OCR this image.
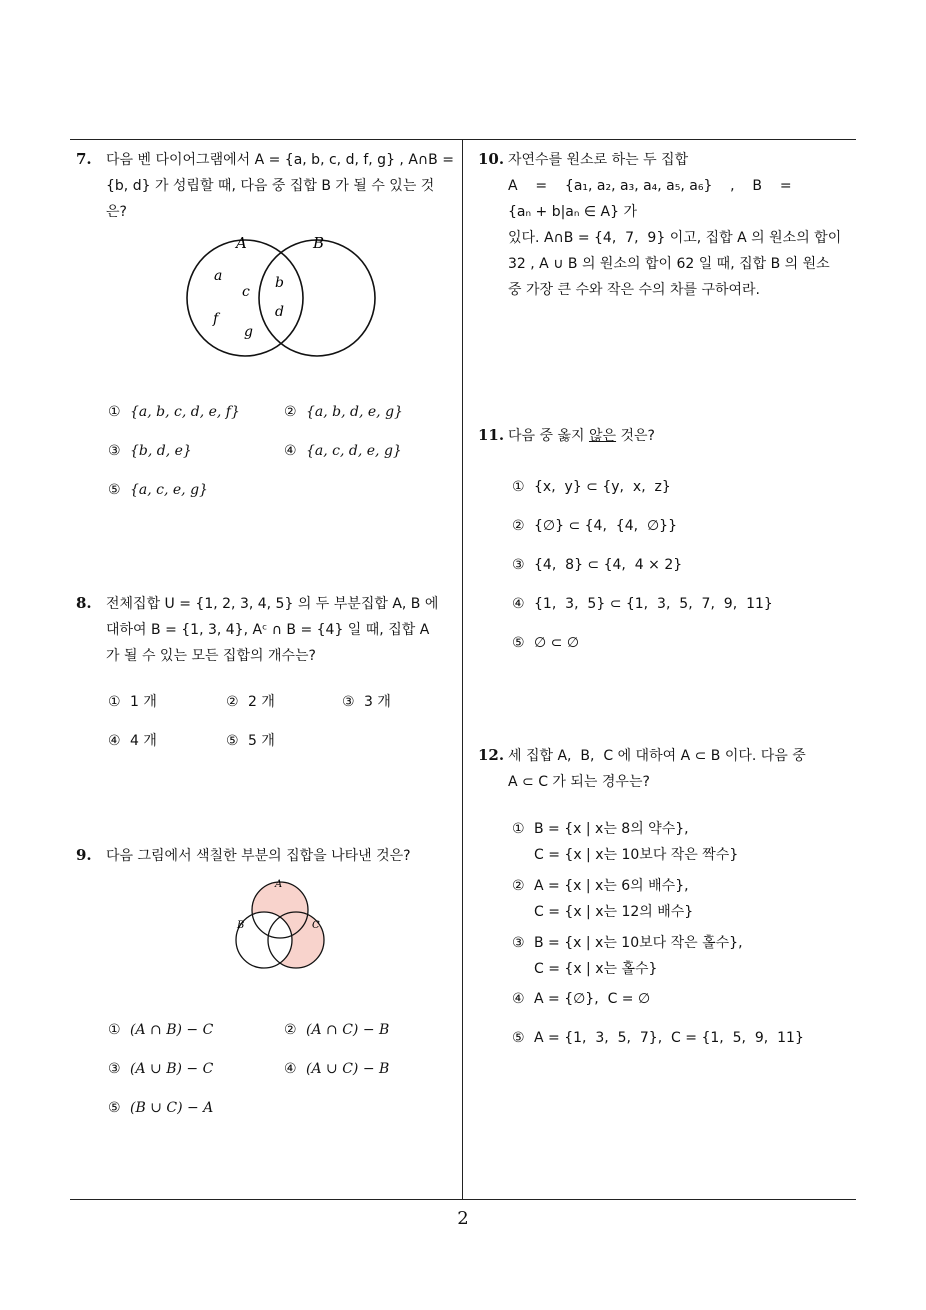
7. 다음 벤 다이어그램에서 A = {a, b, c, d, f, g} , A∩B =
{b, d} 가 성립할 때, 다음 중 집합 B 가 될 수 있는 것
은?
A	B
a
c
f
g
b
d
① {a, b, c, d, e, f}	② {a, b, d, e, g}
③ {b, d, e}	④ {a, c, d, e, g}
⑤ {a, c, e, g}
8. 전체집합 U = {1, 2, 3, 4, 5} 의 두 부분집합 A, B 에
대하여 B = {1, 3, 4}, Aᶜ ∩ B = {4} 일 때, 집합 A
가 될 수 있는 모든 집합의 개수는?
① 1 개	② 2 개	③ 3 개
④ 4 개	⑤ 5 개
9. 다음 그림에서 색칠한 부분의 집합을 나타낸 것은?
A
B	C
① (A ∩ B) − C	② (A ∩ C) − B
③ (A ∪ B) − C	④ (A ∪ C) − B
⑤ (B ∪ C) − A
10. 자연수를 원소로 하는 두 집합
A    =    {a₁, a₂, a₃, a₄, a₅, a₆}    ,    B    =
{aₙ + b|aₙ ∈ A} 가
있다. A∩B = {4,  7,  9} 이고, 집합 A 의 원소의 합이
32 , A ∪ B 의 원소의 합이 62 일 때, 집합 B 의 원소
중 가장 큰 수와 작은 수의 차를 구하여라.
11. 다음 중 옳지 않은 것은?
① {x,  y} ⊂ {y,  x,  z}
② {∅} ⊂ {4,  {4,  ∅}}
③ {4,  8} ⊂ {4,  4 × 2}
④ {1,  3,  5} ⊂ {1,  3,  5,  7,  9,  11}
⑤ ∅ ⊂ ∅
12. 세 집합 A,  B,  C 에 대하여 A ⊂ B 이다. 다음 중
A ⊂ C 가 되는 경우는?
① B = {x | x는 8의 약수},
C = {x | x는 10보다 작은 짝수}
② A = {x | x는 6의 배수},
C = {x | x는 12의 배수}
③ B = {x | x는 10보다 작은 홀수},
C = {x | x는 홀수}
④ A = {∅},  C = ∅
⑤ A = {1,  3,  5,  7},  C = {1,  5,  9,  11}
2
